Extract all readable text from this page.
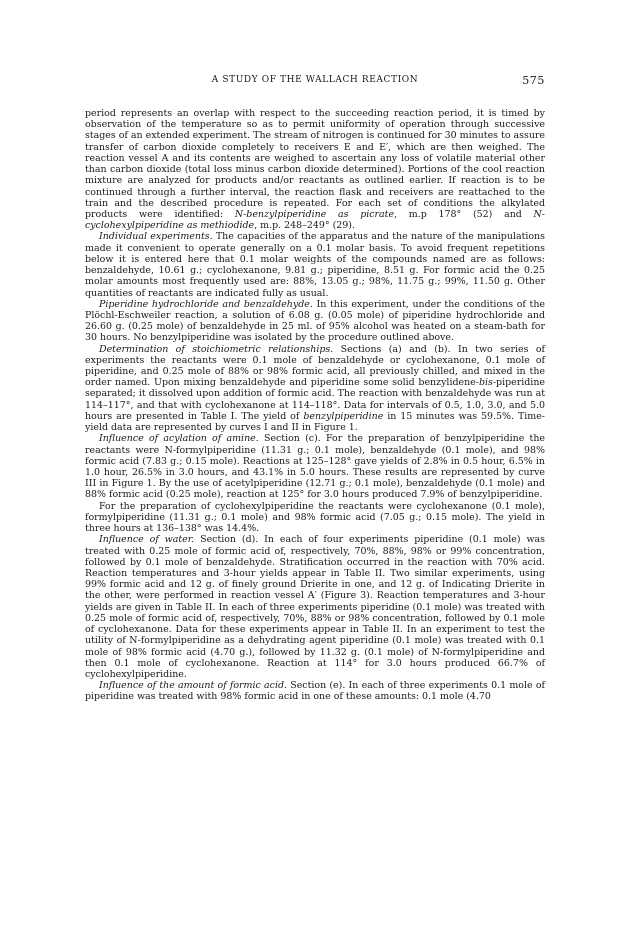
A STUDY OF THE WALLACH REACTION	575

period represents an overlap with respect to the succeeding reaction period, it is timed by observation of the temperature so as to permit uniformity of operation through successive stages of an extended experiment. The stream of nitrogen is continued for 30 minutes to assure transfer of carbon dioxide completely to receivers E and E′, which are then weighed. The reaction vessel A and its contents are weighed to ascertain any loss of volatile material other than carbon dioxide (total loss minus carbon dioxide determined). Portions of the cool reaction mixture are analyzed for products and/or reactants as outlined earlier. If reaction is to be continued through a further interval, the reaction flask and receivers are reattached to the train and the described procedure is repeated. For each set of conditions the alkylated products were identified: N-benzylpiperidine as picrate, m.p 178° (52) and N-cyclohexylpiperidine as methiodide, m.p. 248–249° (29).

Individual experiments. The capacities of the apparatus and the nature of the manipulations made it convenient to operate generally on a 0.1 molar basis. To avoid frequent repetitions below it is entered here that 0.1 molar weights of the compounds named are as follows: benzaldehyde, 10.61 g.; cyclohexanone, 9.81 g.; piperidine, 8.51 g. For formic acid the 0.25 molar amounts most frequently used are: 88%, 13.05 g.; 98%, 11.75 g.; 99%, 11.50 g. Other quantities of reactants are indicated fully as usual.

Piperidine hydrochloride and benzaldehyde. In this experiment, under the conditions of the Plöchl-Eschweiler reaction, a solution of 6.08 g. (0.05 mole) of piperidine hydrochloride and 26.60 g. (0.25 mole) of benzaldehyde in 25 ml. of 95% alcohol was heated on a steam-bath for 30 hours. No benzylpiperidine was isolated by the procedure outlined above.

Determination of stoichiometric relationships. Sections (a) and (b). In two series of experiments the reactants were 0.1 mole of benzaldehyde or cyclohexanone, 0.1 mole of piperidine, and 0.25 mole of 88% or 98% formic acid, all previously chilled, and mixed in the order named. Upon mixing benzaldehyde and piperidine some solid benzylidene-bis-piperidine separated; it dissolved upon addition of formic acid. The reaction with benzaldehyde was run at 114–117°, and that with cyclohexanone at 114–118°. Data for intervals of 0.5, 1.0, 3.0, and 5.0 hours are presented in Table I. The yield of benzylpiperidine in 15 minutes was 59.5%. Time-yield data are represented by curves I and II in Figure 1.

Influence of acylation of amine. Section (c). For the preparation of benzylpiperidine the reactants were N-formylpiperidine (11.31 g.; 0.1 mole), benzaldehyde (0.1 mole), and 98% formic acid (7.83 g.; 0.15 mole). Reactions at 125–128° gave yields of 2.8% in 0.5 hour, 6.5% in 1.0 hour, 26.5% in 3.0 hours, and 43.1% in 5.0 hours. These results are represented by curve III in Figure 1. By the use of acetylpiperidine (12.71 g.; 0.1 mole), benzaldehyde (0.1 mole) and 88% formic acid (0.25 mole), reaction at 125° for 3.0 hours produced 7.9% of benzylpiperidine.

For the preparation of cyclohexylpiperidine the reactants were cyclohexanone (0.1 mole), formylpiperidine (11.31 g.; 0.1 mole) and 98% formic acid (7.05 g.; 0.15 mole). The yield in three hours at 136–138° was 14.4%.

Influence of water. Section (d). In each of four experiments piperidine (0.1 mole) was treated with 0.25 mole of formic acid of, respectively, 70%, 88%, 98% or 99% concentration, followed by 0.1 mole of benzaldehyde. Stratification occurred in the reaction with 70% acid. Reaction temperatures and 3-hour yields appear in Table II. Two similar experiments, using 99% formic acid and 12 g. of finely ground Drierite in one, and 12 g. of Indicating Drierite in the other, were performed in reaction vessel A′ (Figure 3). Reaction temperatures and 3-hour yields are given in Table II. In each of three experiments piperidine (0.1 mole) was treated with 0.25 mole of formic acid of, respectively, 70%, 88% or 98% concentration, followed by 0.1 mole of cyclohexanone. Data for these experiments appear in Table II. In an experiment to test the utility of N-formylpiperidine as a dehydrating agent piperidine (0.1 mole) was treated with 0.1 mole of 98% formic acid (4.70 g.), followed by 11.32 g. (0.1 mole) of N-formylpiperidine and then 0.1 mole of cyclohexanone. Reaction at 114° for 3.0 hours produced 66.7% of cyclohexylpiperidine.

Influence of the amount of formic acid. Section (e). In each of three experiments 0.1 mole of piperidine was treated with 98% formic acid in one of these amounts: 0.1 mole (4.70
